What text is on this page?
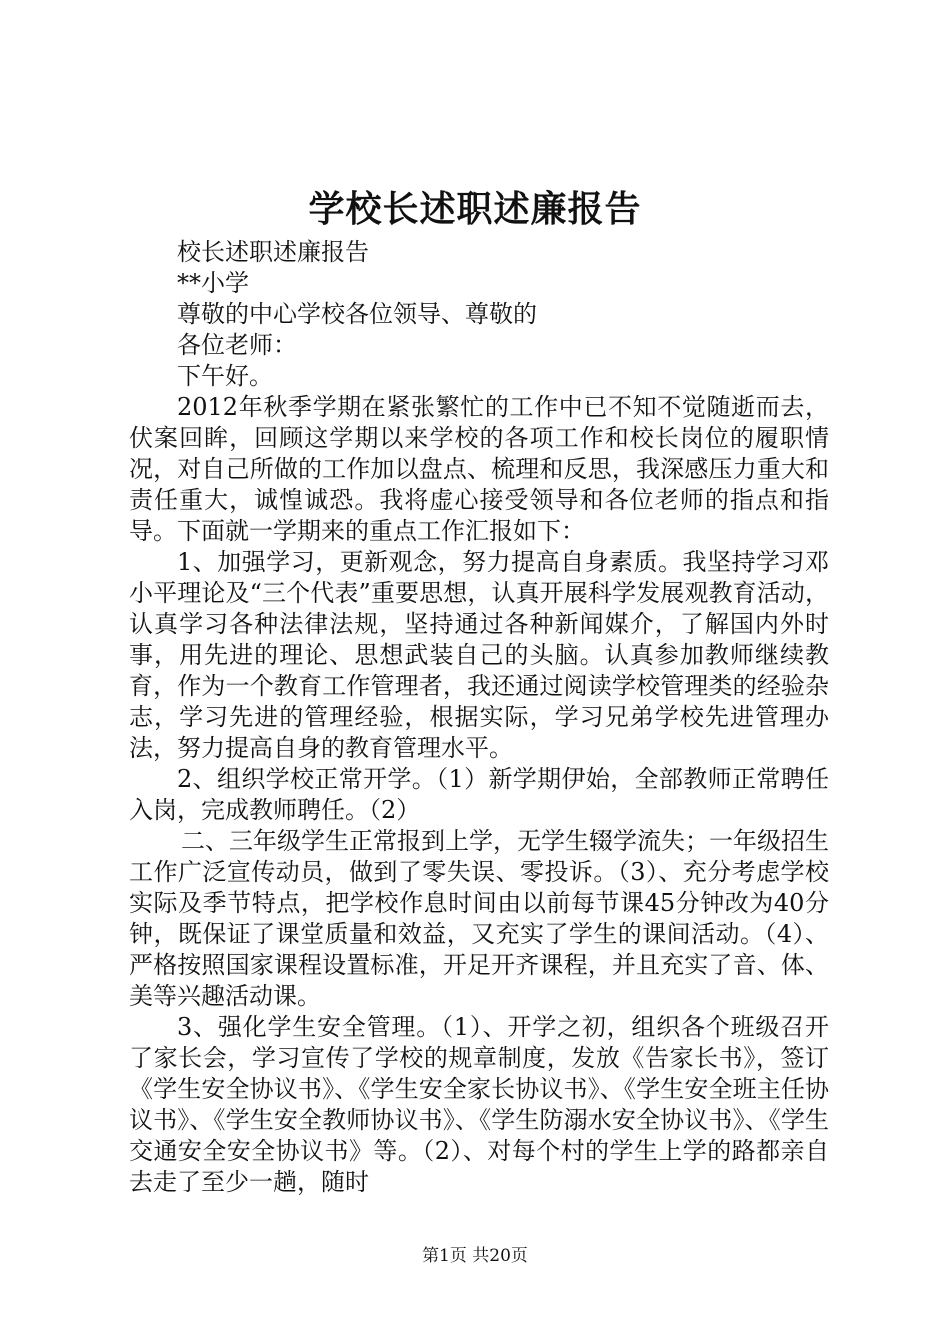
学校长述职述廉报告

校长述职述廉报告

**小学

尊敬的中心学校各位领导、尊敬的

各位老师：

下午好。

2012年秋季学期在紧张繁忙的工作中已不知不觉随逝而去，伏案回眸，回顾这学期以来学校的各项工作和校长岗位的履职情况，对自己所做的工作加以盘点、梳理和反思，我深感压力重大和责任重大，诚惶诚恐。我将虚心接受领导和各位老师的指点和指导。下面就一学期来的重点工作汇报如下：

1、加强学习，更新观念，努力提高自身素质。我坚持学习邓小平理论及“三个代表”重要思想，认真开展科学发展观教育活动，认真学习各种法律法规，坚持通过各种新闻媒介，了解国内外时事，用先进的理论、思想武装自己的头脑。认真参加教师继续教育，作为一个教育工作管理者，我还通过阅读学校管理类的经验杂志，学习先进的管理经验，根据实际，学习兄弟学校先进管理办法，努力提高自身的教育管理水平。

2、组织学校正常开学。（1）新学期伊始，全部教师正常聘任入岗，完成教师聘任。（2）

二、三年级学生正常报到上学，无学生辍学流失；一年级招生工作广泛宣传动员，做到了零失误、零投诉。（3）、充分考虑学校实际及季节特点，把学校作息时间由以前每节课45分钟改为40分钟，既保证了课堂质量和效益，又充实了学生的课间活动。（4）、严格按照国家课程设置标准，开足开齐课程，并且充实了音、体、美等兴趣活动课。

3、强化学生安全管理。（1）、开学之初，组织各个班级召开了家长会，学习宣传了学校的规章制度，发放《告家长书》，签订《学生安全协议书》、《学生安全家长协议书》、《学生安全班主任协议书》、《学生安全教师协议书》、《学生防溺水安全协议书》、《学生交通安全安全协议书》等。（2）、对每个村的学生上学的路都亲自去走了至少一趟，随时

第1页 共20页
